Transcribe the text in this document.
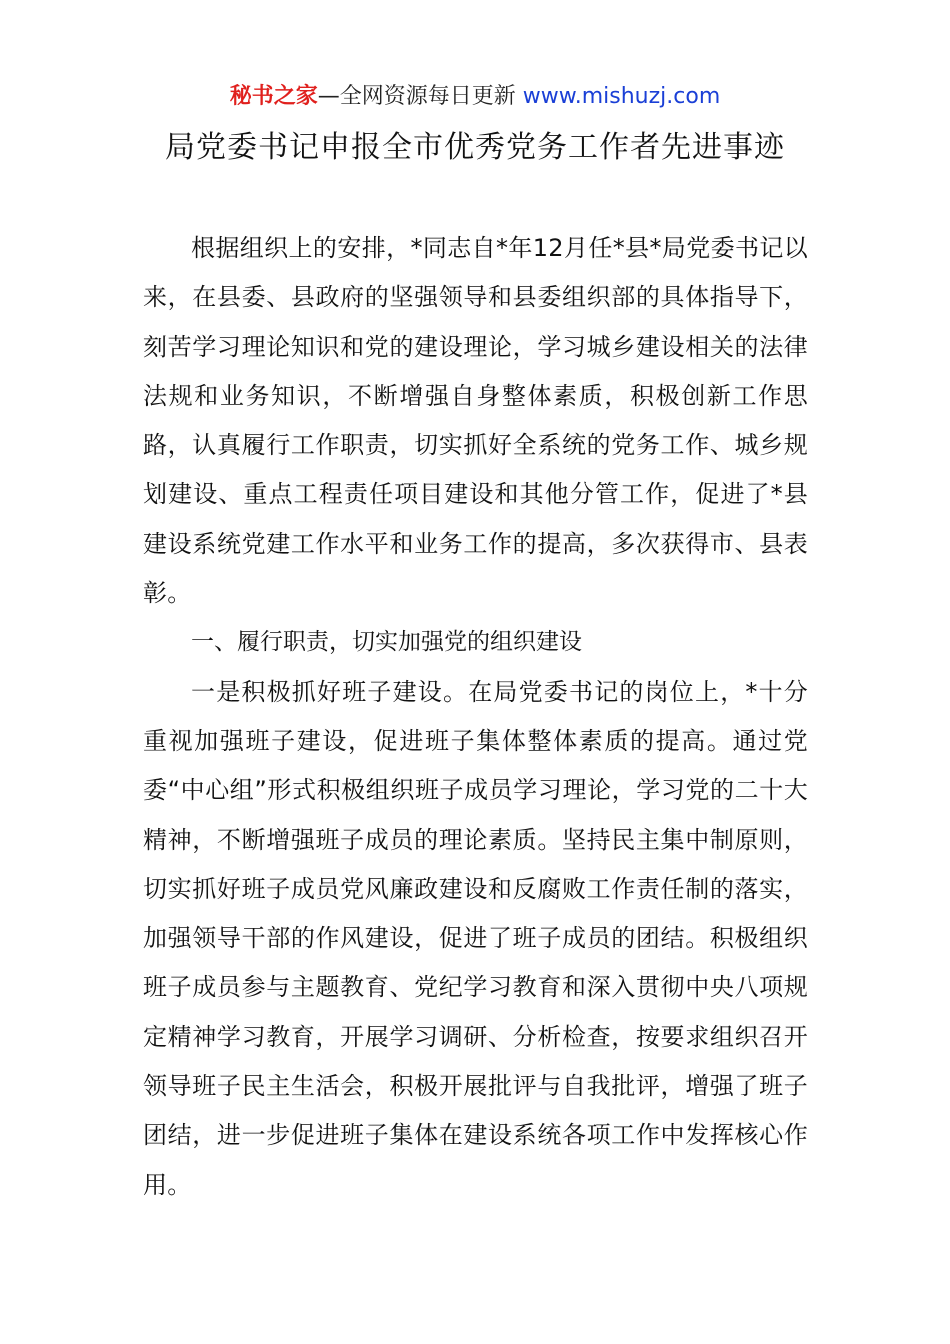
秘书之家—全网资源每日更新 www.mishuzj.com
局党委书记申报全市优秀党务工作者先进事迹

根据组织上的安排，*同志自*年12月任*县*局党委书记以来，在县委、县政府的坚强领导和县委组织部的具体指导下，刻苦学习理论知识和党的建设理论，学习城乡建设相关的法律法规和业务知识，不断增强自身整体素质，积极创新工作思路，认真履行工作职责，切实抓好全系统的党务工作、城乡规划建设、重点工程责任项目建设和其他分管工作，促进了*县建设系统党建工作水平和业务工作的提高，多次获得市、县表彰。

一、履行职责，切实加强党的组织建设

一是积极抓好班子建设。在局党委书记的岗位上，*十分重视加强班子建设，促进班子集体整体素质的提高。通过党委“中心组”形式积极组织班子成员学习理论，学习党的二十大精神，不断增强班子成员的理论素质。坚持民主集中制原则，切实抓好班子成员党风廉政建设和反腐败工作责任制的落实，加强领导干部的作风建设，促进了班子成员的团结。积极组织班子成员参与主题教育、党纪学习教育和深入贯彻中央八项规定精神学习教育，开展学习调研、分析检查，按要求组织召开领导班子民主生活会，积极开展批评与自我批评，增强了班子团结，进一步促进班子集体在建设系统各项工作中发挥核心作用。
